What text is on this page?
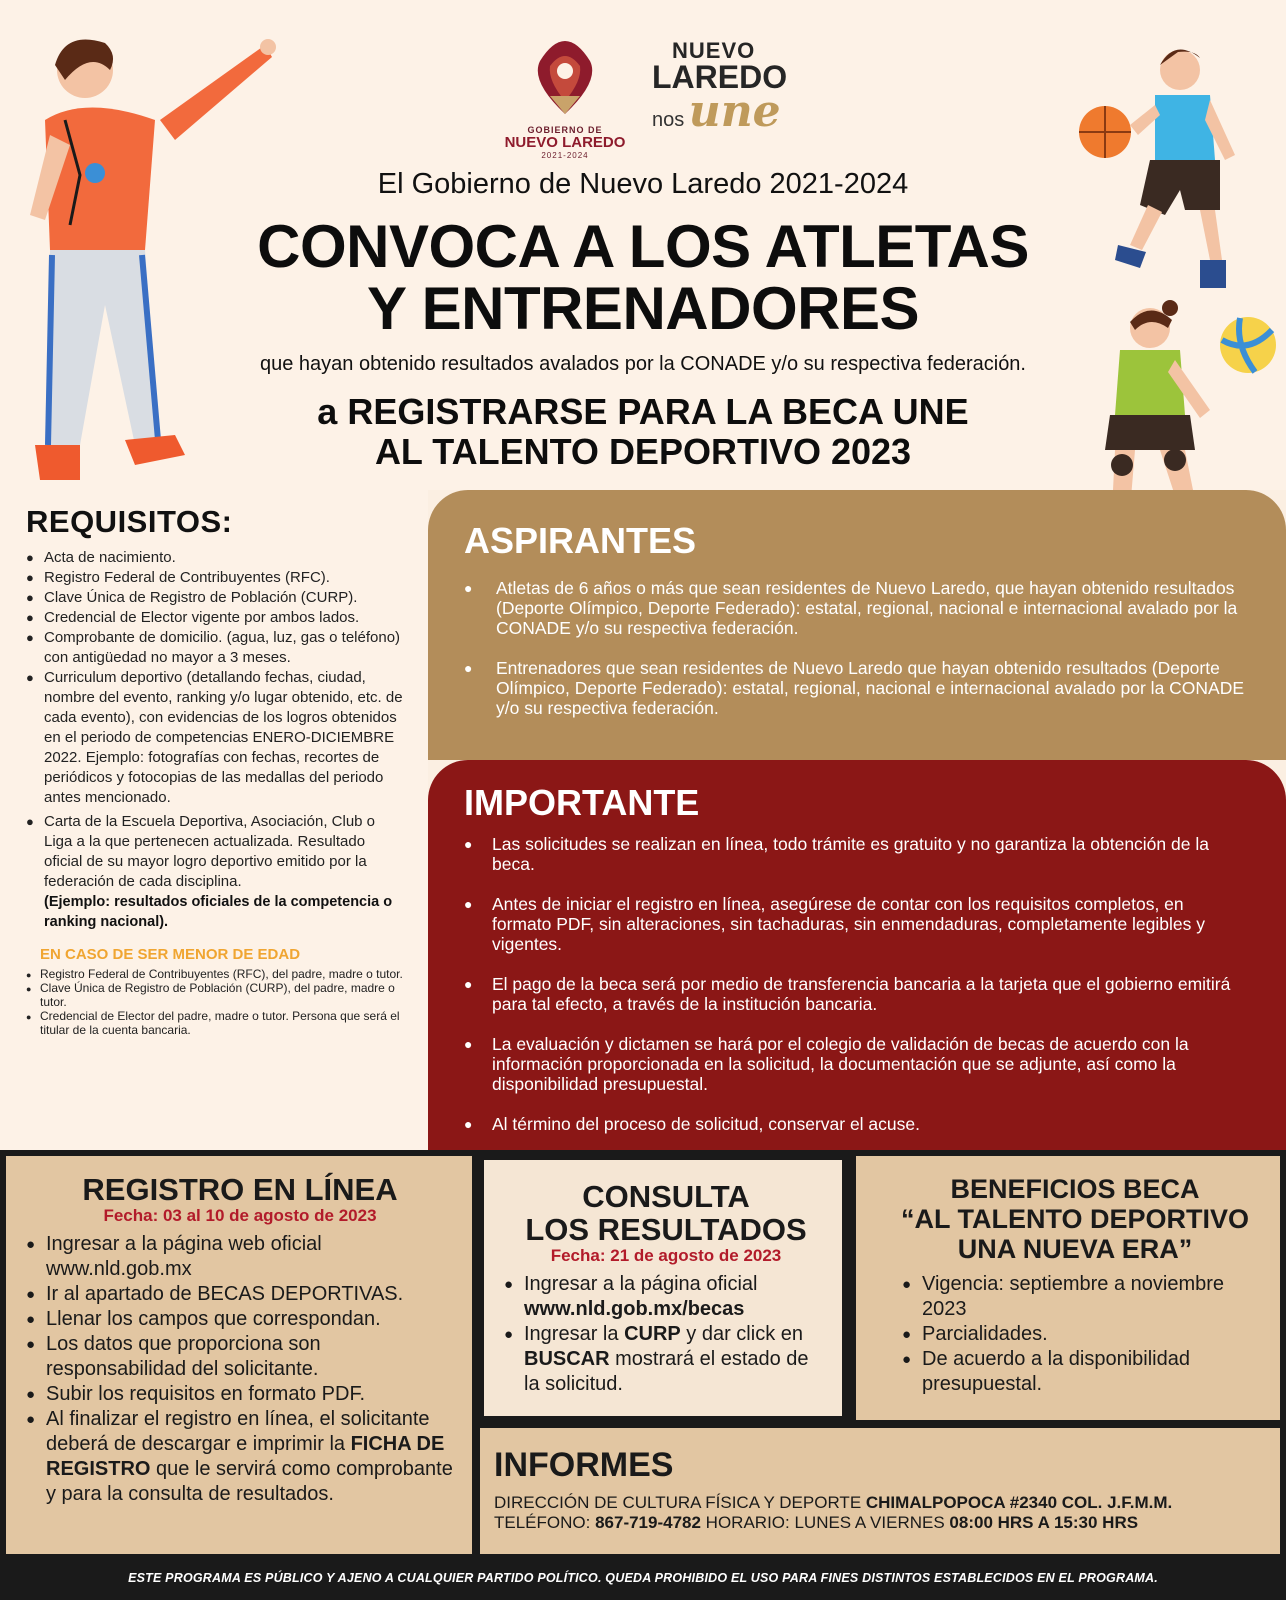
GOBIERNO DE
NUEVO LAREDO
2021-2024
NUEVO
LAREDO
nos une
El Gobierno de Nuevo Laredo 2021-2024
CONVOCA A LOS ATLETAS
Y ENTRENADORES
que hayan obtenido resultados avalados por la CONADE y/o su respectiva federación.
a REGISTRARSE PARA LA BECA UNE
AL TALENTO DEPORTIVO 2023
REQUISITOS:
● Acta de nacimiento.
● Registro Federal de Contribuyentes (RFC).
● Clave Única de Registro de Población (CURP).
● Credencial de Elector vigente por ambos lados.
● Comprobante de domicilio. (agua, luz, gas o teléfono) con antigüedad no mayor a 3 meses.
● Curriculum deportivo (detallando fechas, ciudad, nombre del evento, ranking y/o lugar obtenido, etc. de cada evento), con evidencias de los logros obtenidos en el periodo de competencias ENERO-DICIEMBRE 2022. Ejemplo: fotografías con fechas, recortes de periódicos y fotocopias de las medallas del periodo antes mencionado.
● Carta de la Escuela Deportiva, Asociación, Club o Liga a la que pertenecen actualizada. Resultado oficial de su mayor logro deportivo emitido por la federación de cada disciplina.
(Ejemplo: resultados oficiales de la competencia o ranking nacional).
EN CASO DE SER MENOR DE EDAD
● Registro Federal de Contribuyentes (RFC), del padre, madre o tutor.
● Clave Única de Registro de Población (CURP), del padre, madre o tutor.
● Credencial de Elector del padre, madre o tutor. Persona que será el titular de la cuenta bancaria.
ASPIRANTES
● Atletas de 6 años o más que sean residentes de Nuevo Laredo, que hayan obtenido resultados (Deporte Olímpico, Deporte Federado): estatal, regional, nacional e internacional avalado por la CONADE y/o su respectiva federación.
● Entrenadores que sean residentes de Nuevo Laredo que hayan obtenido resultados (Deporte Olímpico, Deporte Federado): estatal, regional, nacional e internacional avalado por la CONADE y/o su respectiva federación.
IMPORTANTE
● Las solicitudes se realizan en línea, todo trámite es gratuito y no garantiza la obtención de la beca.
● Antes de iniciar el registro en línea, asegúrese de contar con los requisitos completos, en formato PDF, sin alteraciones, sin tachaduras, sin enmendaduras, completamente legibles y vigentes.
● El pago de la beca será por medio de transferencia bancaria a la tarjeta que el gobierno emitirá para tal efecto, a través de la institución bancaria.
● La evaluación y dictamen se hará por el colegio de validación de becas de acuerdo con la información proporcionada en la solicitud, la documentación que se adjunte, así como la disponibilidad presupuestal.
● Al término del proceso de solicitud, conservar el acuse.
REGISTRO EN LÍNEA
Fecha: 03 al 10 de agosto de 2023
● Ingresar a la página web oficial www.nld.gob.mx
● Ir al apartado de BECAS DEPORTIVAS.
● Llenar los campos que correspondan.
● Los datos que proporciona son responsabilidad del solicitante.
● Subir los requisitos en formato PDF.
● Al finalizar el registro en línea, el solicitante deberá de descargar e imprimir la FICHA DE REGISTRO que le servirá como comprobante y para la consulta de resultados.
CONSULTA
LOS RESULTADOS
Fecha: 21 de agosto de 2023
● Ingresar a la página oficial www.nld.gob.mx/becas
● Ingresar la CURP y dar click en BUSCAR mostrará el estado de la solicitud.
BENEFICIOS BECA
“AL TALENTO DEPORTIVO
UNA NUEVA ERA”
● Vigencia: septiembre a noviembre 2023
● Parcialidades.
● De acuerdo a la disponibilidad presupuestal.
INFORMES

DIRECCIÓN DE CULTURA FÍSICA Y DEPORTE CHIMALPOPOCA #2340 COL. J.F.M.M.

TELÉFONO: 867-719-4782 HORARIO: LUNES A VIERNES 08:00 HRS A 15:30 HRS

ESTE PROGRAMA ES PÚBLICO Y AJENO A CUALQUIER PARTIDO POLÍTICO. QUEDA PROHIBIDO EL USO PARA FINES DISTINTOS ESTABLECIDOS EN EL PROGRAMA.
